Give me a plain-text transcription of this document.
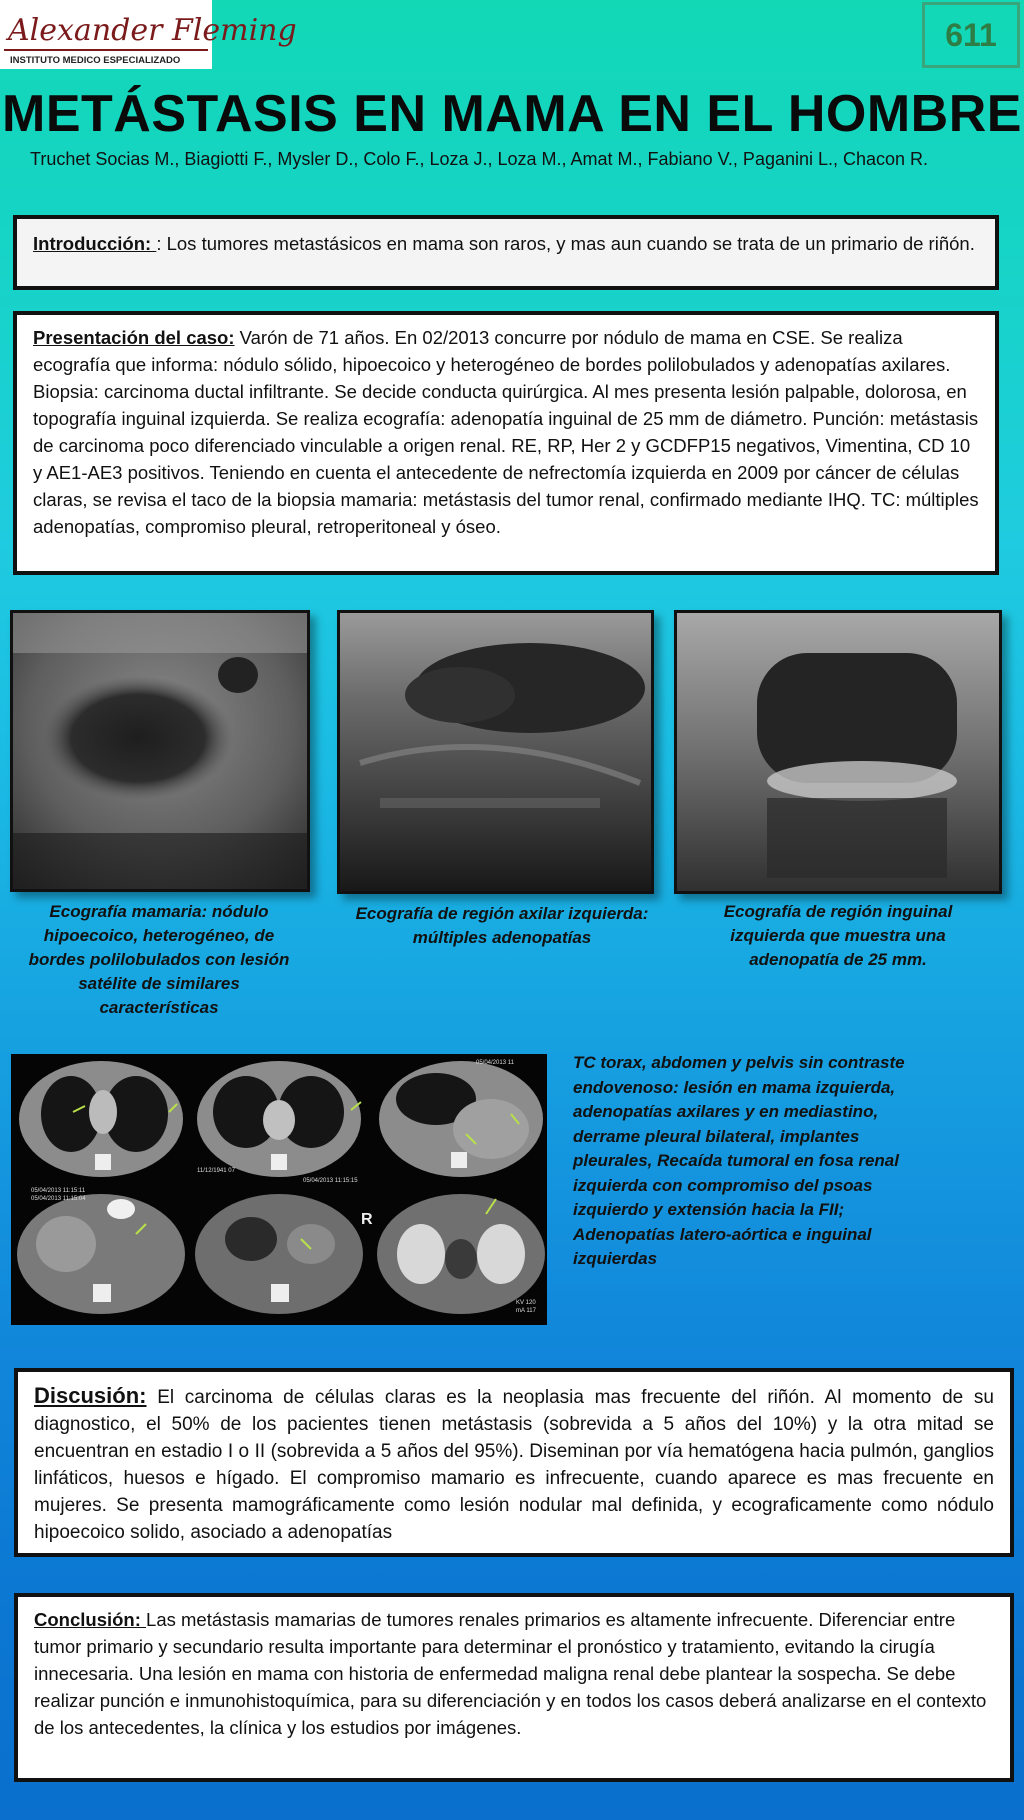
Alexander Fleming
INSTITUTO MEDICO ESPECIALIZADO
611
METÁSTASIS EN MAMA EN EL HOMBRE
Truchet Socias M., Biagiotti F., Mysler D., Colo F., Loza J., Loza M., Amat M., Fabiano V., Paganini L., Chacon R.
Introducción: : Los tumores metastásicos en mama son raros, y mas aun cuando se trata de un primario de riñón.
Presentación del caso: Varón de 71 años. En 02/2013 concurre por nódulo de mama en CSE. Se realiza ecografía que informa: nódulo sólido, hipoecoico y heterogéneo de bordes polilobulados y adenopatías axilares. Biopsia: carcinoma ductal infiltrante. Se decide conducta quirúrgica. Al mes presenta lesión palpable, dolorosa, en topografía inguinal izquierda. Se realiza ecografía: adenopatía inguinal de 25 mm de diámetro. Punción: metástasis de carcinoma poco diferenciado vinculable a origen renal. RE, RP, Her 2 y GCDFP15 negativos, Vimentina, CD 10 y AE1-AE3 positivos. Teniendo en cuenta el antecedente de nefrectomía izquierda en 2009 por cáncer de células claras, se revisa el taco de la biopsia mamaria: metástasis del tumor renal, confirmado mediante IHQ. TC: múltiples adenopatías, compromiso pleural, retroperitoneal y óseo.
Ecografía mamaria: nódulo hipoecoico, heterogéneo, de bordes polilobulados con lesión satélite de similares características
Ecografía de región axilar izquierda: múltiples adenopatías
Ecografía de región inguinal izquierda que muestra una adenopatía de 25 mm.
11/12/1941 07
05/04/2013 11:15:15
05/04/2013 11
05/04/2013 11:15:11
05/04/2013 11:15:04
R
KV 120
mA 117
TC torax, abdomen y pelvis sin contraste endovenoso: lesión en mama izquierda, adenopatías axilares y en mediastino, derrame pleural bilateral, implantes pleurales, Recaída tumoral en fosa renal izquierda con compromiso del psoas izquierdo y extensión hacia la FII; Adenopatías latero-aórtica e inguinal izquierdas
Discusión: El carcinoma de células claras es la neoplasia mas frecuente del riñón. Al momento de su diagnostico, el 50% de los pacientes tienen metástasis (sobrevida a 5 años del 10%) y la otra mitad se encuentran en estadio I o II (sobrevida a 5 años del 95%). Diseminan por vía hematógena hacia pulmón, ganglios linfáticos, huesos e hígado. El compromiso mamario es infrecuente, cuando aparece es mas frecuente en mujeres. Se presenta mamográficamente como lesión nodular mal definida, y ecograficamente como nódulo hipoecoico solido, asociado a adenopatías
Conclusión: Las metástasis mamarias de tumores renales primarios es altamente infrecuente. Diferenciar entre tumor primario y secundario resulta importante para determinar el pronóstico y tratamiento, evitando la cirugía innecesaria. Una lesión en mama con historia de enfermedad maligna renal debe plantear la sospecha. Se debe realizar punción e inmunohistoquímica, para su diferenciación y en todos los casos deberá analizarse en el contexto de los antecedentes, la clínica y los estudios por imágenes.
